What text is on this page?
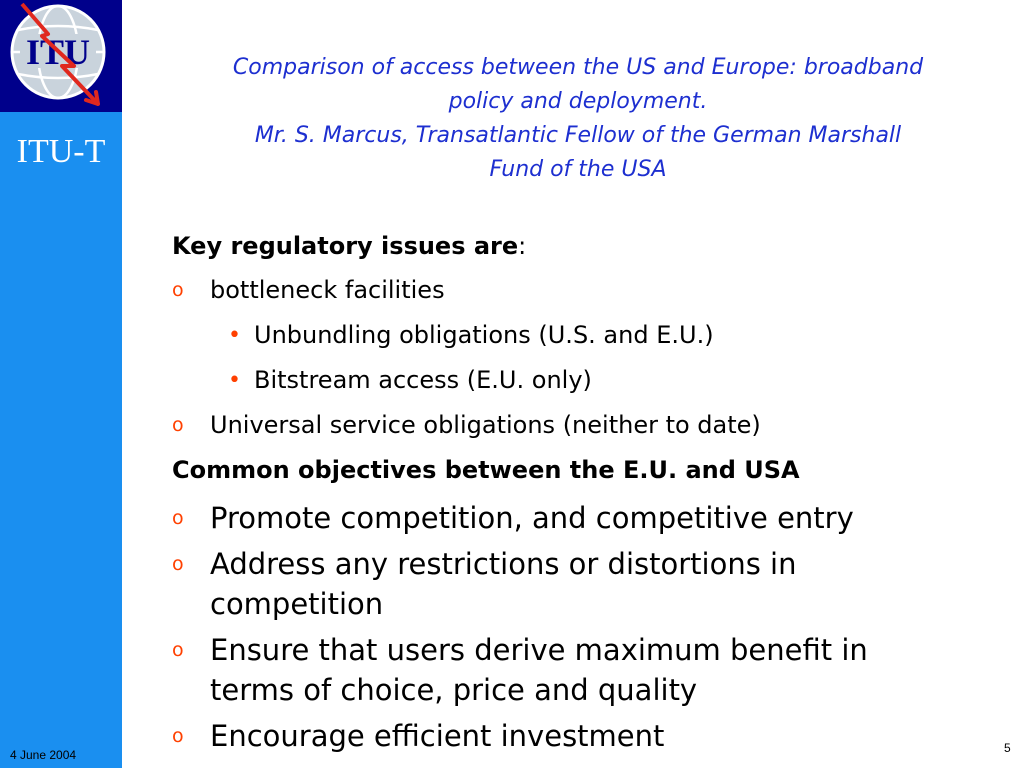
ITU
ITU-T
4 June 2004
Comparison of access between the US and Europe: broadband
policy and deployment.
Mr. S. Marcus, Transatlantic Fellow of the German Marshall
Fund of the USA
Key regulatory issues are:
o bottleneck facilities
• Unbundling obligations (U.S. and E.U.)
• Bitstream access (E.U. only)
o Universal service obligations (neither to date)
Common objectives between the E.U. and USA
o Promote competition, and competitive entry
o Address any restrictions or distortions in
competition
o Ensure that users derive maximum benefit in
terms of choice, price and quality
o Encourage efficient investment	5
